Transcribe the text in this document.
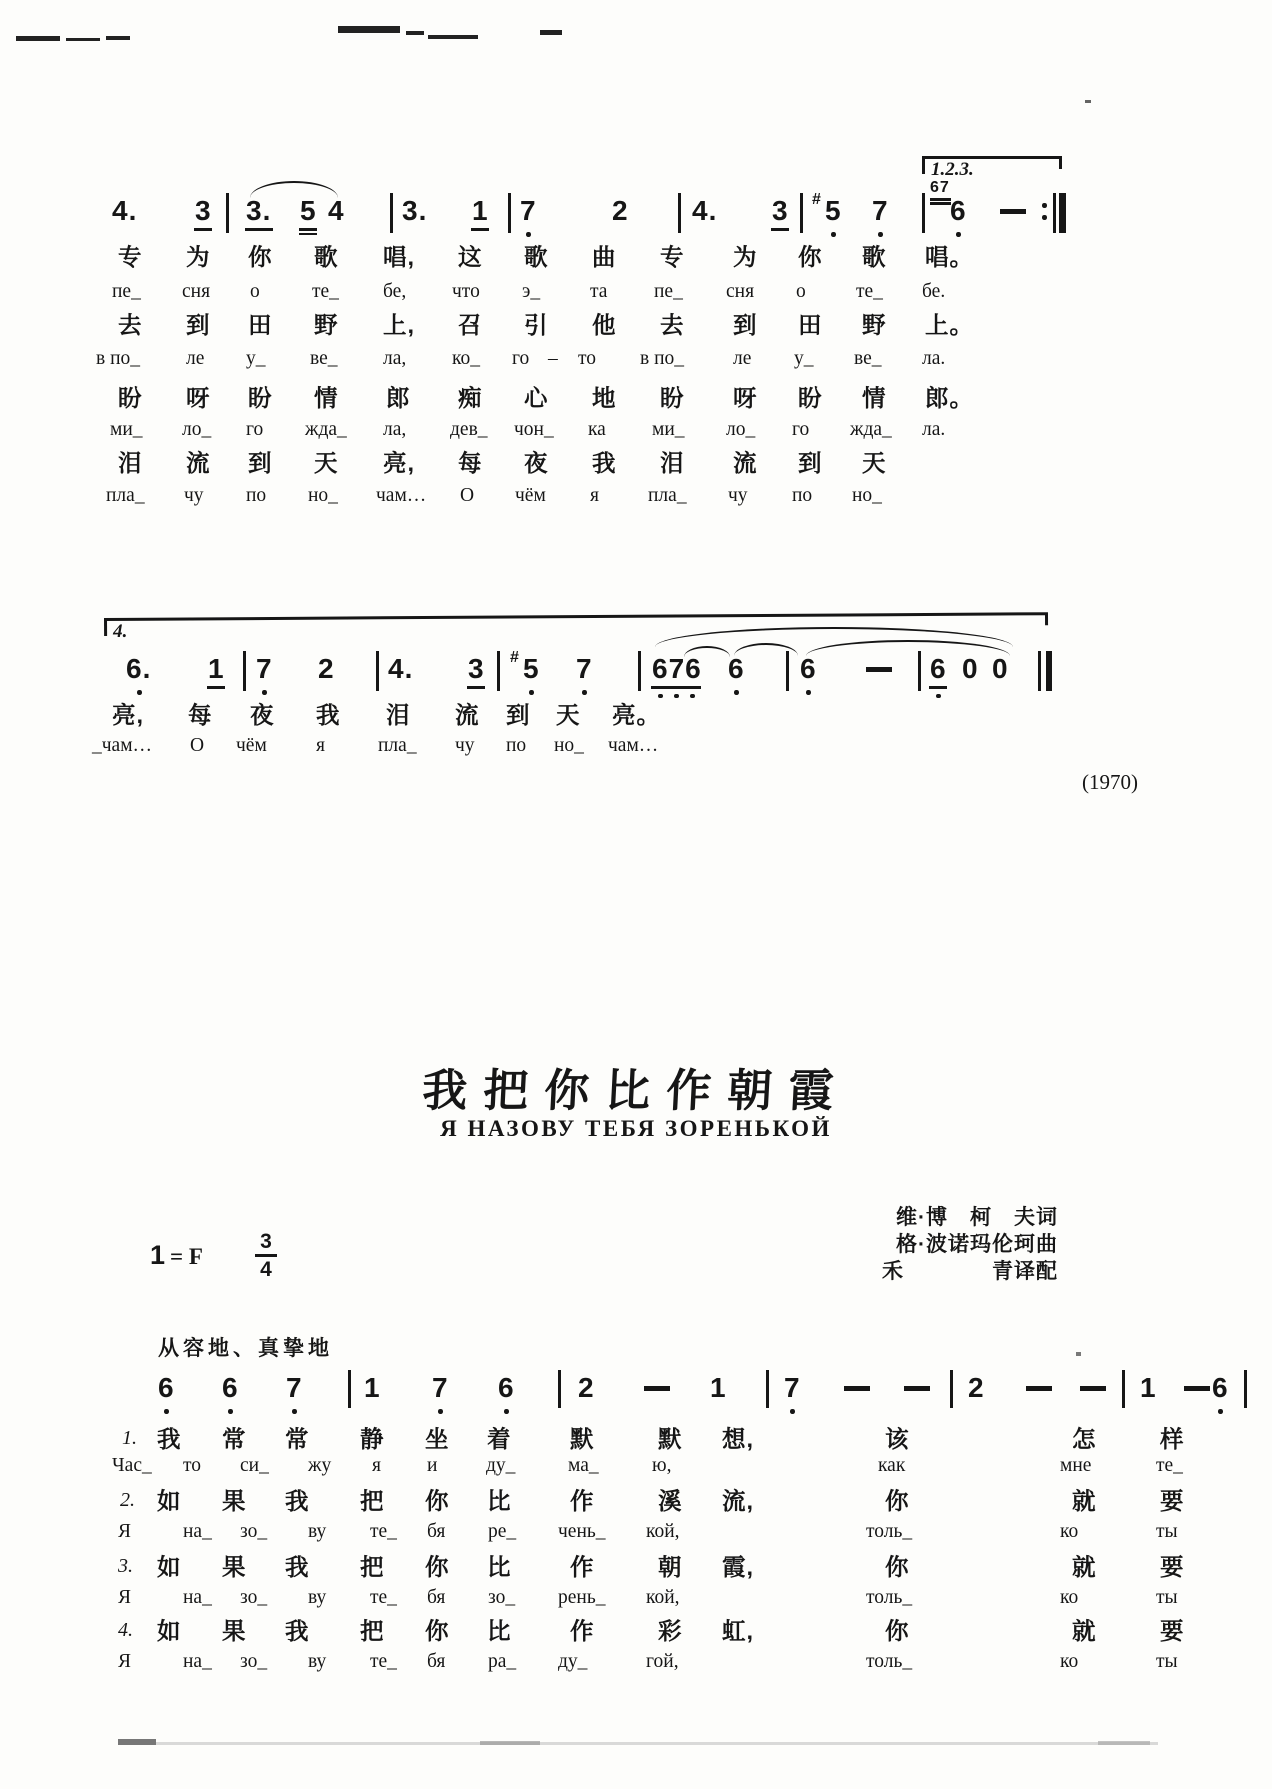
4. 3 3. 5 4 3. 1 7	2 4. 3 # 5 7
67
6
6. 1 7 2 4. 3 # 5 7 676 6 6	6 0 0
6 6 7 1 7 6 2	1 7	2	1 6
1.2.3.
4.
专 为 你 歌 唱, 这 歌 曲 专 为 你 歌 唱。
пе_ сня о	те_ бе, что э_	та пе_ сня о	те_ бе.
去 到 田 野 上, 召 引 他 去 到 田 野 上。
в по_ ле у_ ве_ ла, ко_ го – то в по_	ле у_ ве_ ла.
盼 呀 盼 情 郎 痴 心 地 盼 呀 盼 情 郎。
ми_ ло_ го жда_ ла, дев_ чон_ ка ми_ ло_ го жда_ ла.
泪 流 到 天 亮, 每 夜 我 泪 流 到 天
пла_ чу по но_ чам… О чём я	пла_ чу по но_
亮, 每 夜 我 泪 流 到 天 亮。
_чам… О чём	я	пла_ чу по но_ чам…
1. 我 常 常 静 坐 着 默	默 想,	该	怎	样
Час_ то си_ жу я и ду_	ма_	ю,	как	мне	те_
2. 如 果 我 把 你 比 作	溪 流,	你	就	要
Я	на_ зо_ ву те_ бя ре_ чень_ кой,	толь_	ко	ты
3. 如 果 我 把 你 比 作	朝 霞,	你	就	要
Я	на_ зо_ ву те_ бя зо_ рень_ кой,	толь_	ко	ты
4. 如 果 我 把 你 比 作	彩 虹,	你	就	要
Я	на_ зо_ ву те_ бя ра_ ду_	гой,	толь_	ко	ты
(1970)
我把你比作朝霞
Я НАЗОВУ ТЕБЯ ЗОРЕНЬКОЙ
维·博　柯　夫词
格·波诺玛伦珂曲
禾　　　　青译配
1 = F
3
4
从容地、真挚地
